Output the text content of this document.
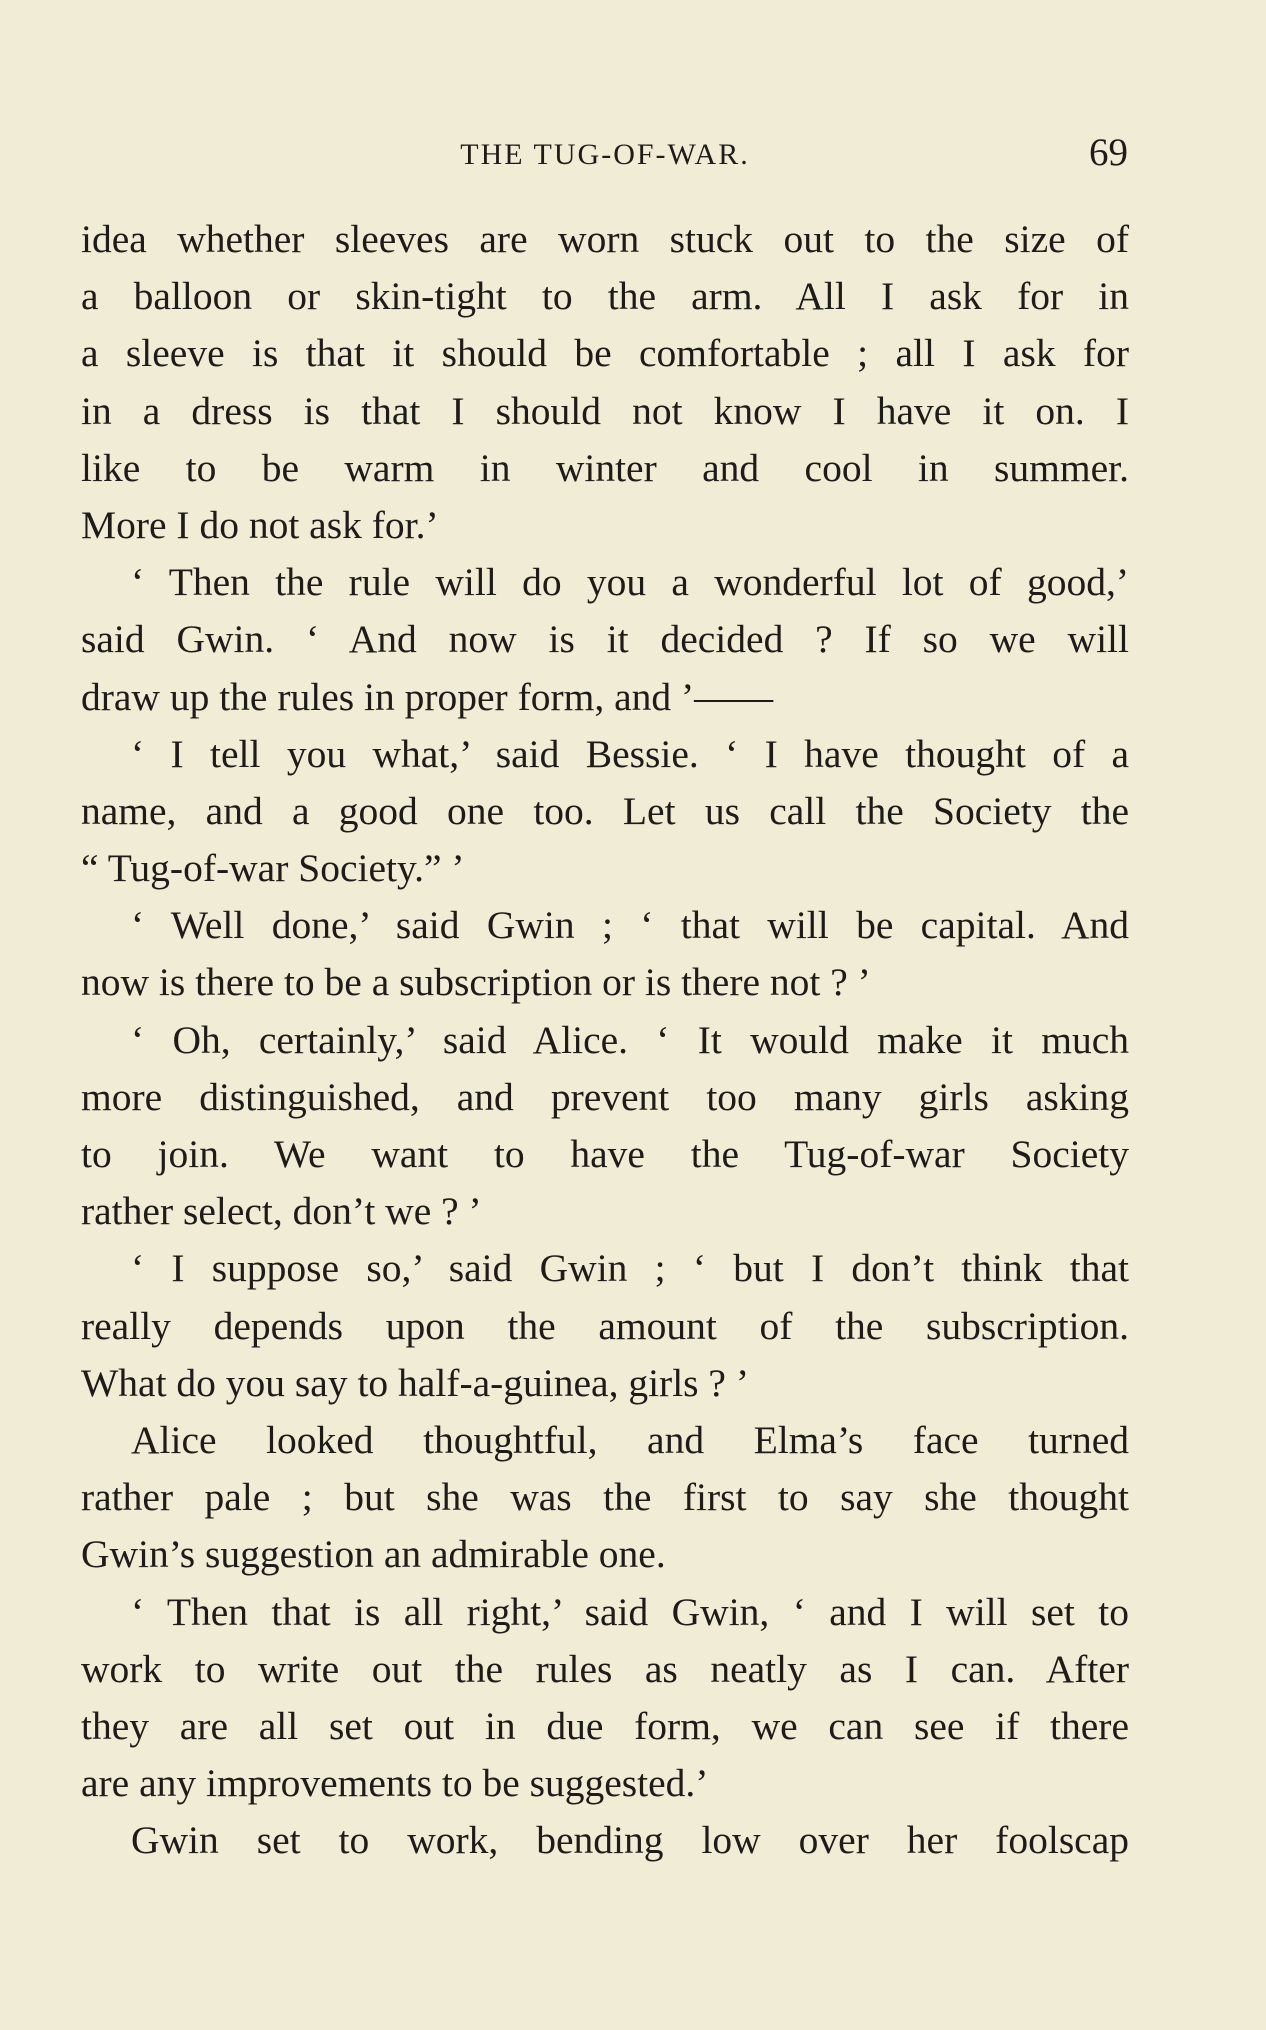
THE TUG-OF-WAR.	69
idea whether sleeves are worn stuck out to the size of
a balloon or skin-tight to the arm. All I ask for in
a sleeve is that it should be comfortable ; all I ask for
in a dress is that I should not know I have it on. I
like to be warm in winter and cool in summer.
More I do not ask for.’
‘ Then the rule will do you a wonderful lot of good,’
said Gwin. ‘ And now is it decided ? If so we will
draw up the rules in proper form, and ’——
‘ I tell you what,’ said Bessie. ‘ I have thought of a
name, and a good one too. Let us call the Society the
“ Tug-of-war Society.” ’
‘ Well done,’ said Gwin ; ‘ that will be capital. And
now is there to be a subscription or is there not ? ’
‘ Oh, certainly,’ said Alice. ‘ It would make it much
more distinguished, and prevent too many girls asking
to join. We want to have the Tug-of-war Society
rather select, don’t we ? ’
‘ I suppose so,’ said Gwin ; ‘ but I don’t think that
really depends upon the amount of the subscription.
What do you say to half-a-guinea, girls ? ’
Alice looked thoughtful, and Elma’s face turned
rather pale ; but she was the first to say she thought
Gwin’s suggestion an admirable one.
‘ Then that is all right,’ said Gwin, ‘ and I will set to
work to write out the rules as neatly as I can. After
they are all set out in due form, we can see if there
are any improvements to be suggested.’
Gwin set to work, bending low over her foolscap
